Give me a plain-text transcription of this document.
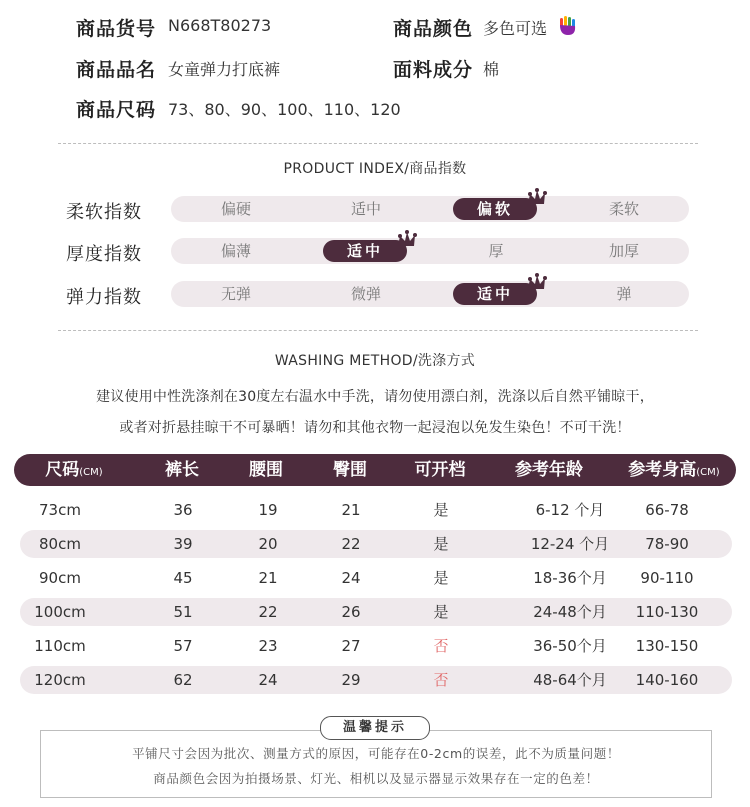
商品货号 N668T80273	商品颜色 多色可选
商品品名 女童弹力打底裤	面料成分 棉
商品尺码 73、80、90、100、110、120
PRODUCT INDEX/商品指数
柔软指数	偏硬	适中	偏软	柔软
厚度指数	偏薄	适中	厚	加厚
弹力指数	无弹	微弹	适中	弹
WASHING METHOD/洗涤方式
建议使用中性洗涤剂在30度左右温水中手洗，请勿使用漂白剂，洗涤以后自然平铺晾干，
或者对折悬挂晾干不可暴晒！请勿和其他衣物一起浸泡以免发生染色！不可干洗！
尺码(CM)	裤长	腰围	臀围	可开档	参考年龄	参考身高(CM)
73cm	36	19	21	是	6-12 个月	66-78
80cm	39	20	22	是	12-24 个月	78-90
90cm	45	21	24	是	18-36个月	90-110
100cm	51	22	26	是	24-48个月	110-130
110cm	57	23	27	否	36-50个月	130-150
120cm	62	24	29	否	48-64个月	140-160
温馨提示
平铺尺寸会因为批次、测量方式的原因，可能存在0-2cm的误差，此不为质量问题！
商品颜色会因为拍摄场景、灯光、相机以及显示器显示效果存在一定的色差！
